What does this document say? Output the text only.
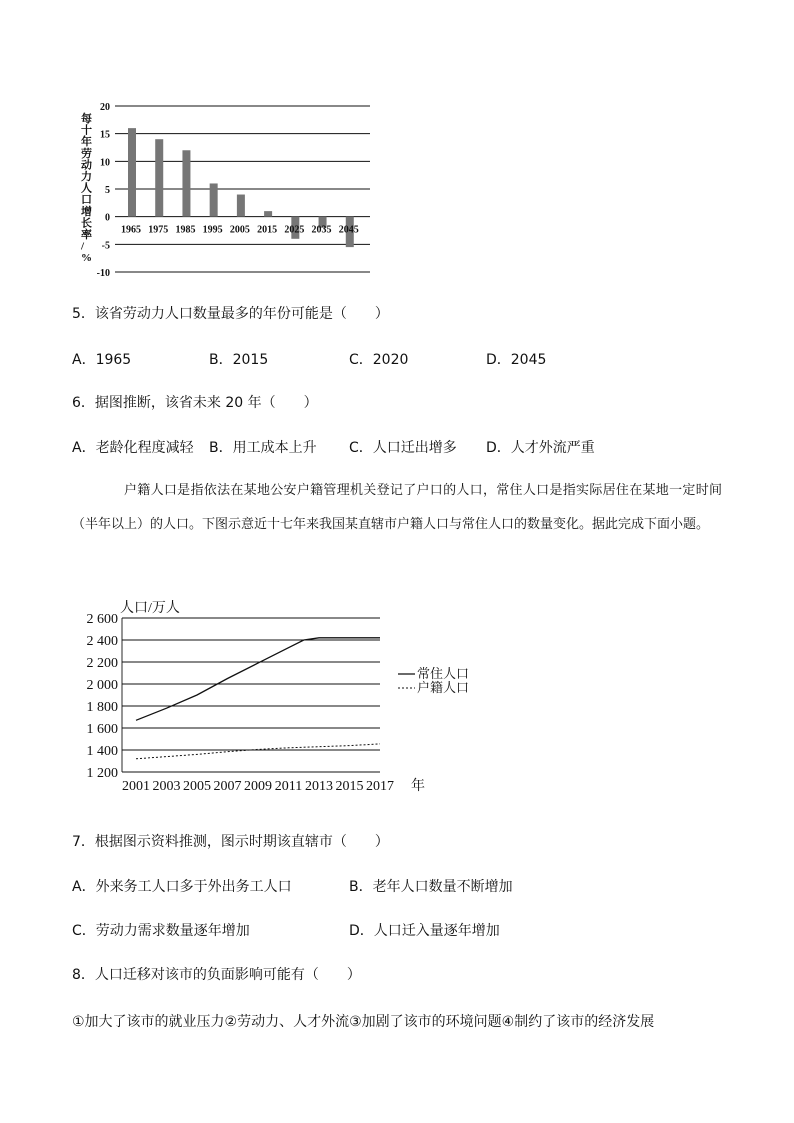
20
15
10
5
0
-5
-10
1965 1975 1985 1995 2005 2015 2025 2035 2045
每十年劳动力人口增长率/ %
5．该省劳动力人口数量最多的年份可能是（　　）
A．1965	B．2015	C．2020	D．2045
6．据图推断，该省未来 20 年（　　）
A．老龄化程度减轻 B．用工成本上升 C．人口迁出增多 D．人才外流严重

户籍人口是指依法在某地公安户籍管理机关登记了户口的人口，常住人口是指实际居住在某地一定时间（半年以上）的人口。下图示意近十七年来我国某直辖市户籍人口与常住人口的数量变化。据此完成下面小题。

2 600
2 400
2 200
2 000
1 800
1 600
1 400
1 200
2001 2003 2005 2007 2009 2011 2013 2015 2017 年
常住人口
户籍人口
人口/万人
7．根据图示资料推测，图示时期该直辖市（　　）
A．外来务工人口多于外出务工人口	B．老年人口数量不断增加
C．劳动力需求数量逐年增加	D．人口迁入量逐年增加
8．人口迁移对该市的负面影响可能有（　　）
①加大了该市的就业压力②劳动力、人才外流③加剧了该市的环境问题④制约了该市的经济发展
